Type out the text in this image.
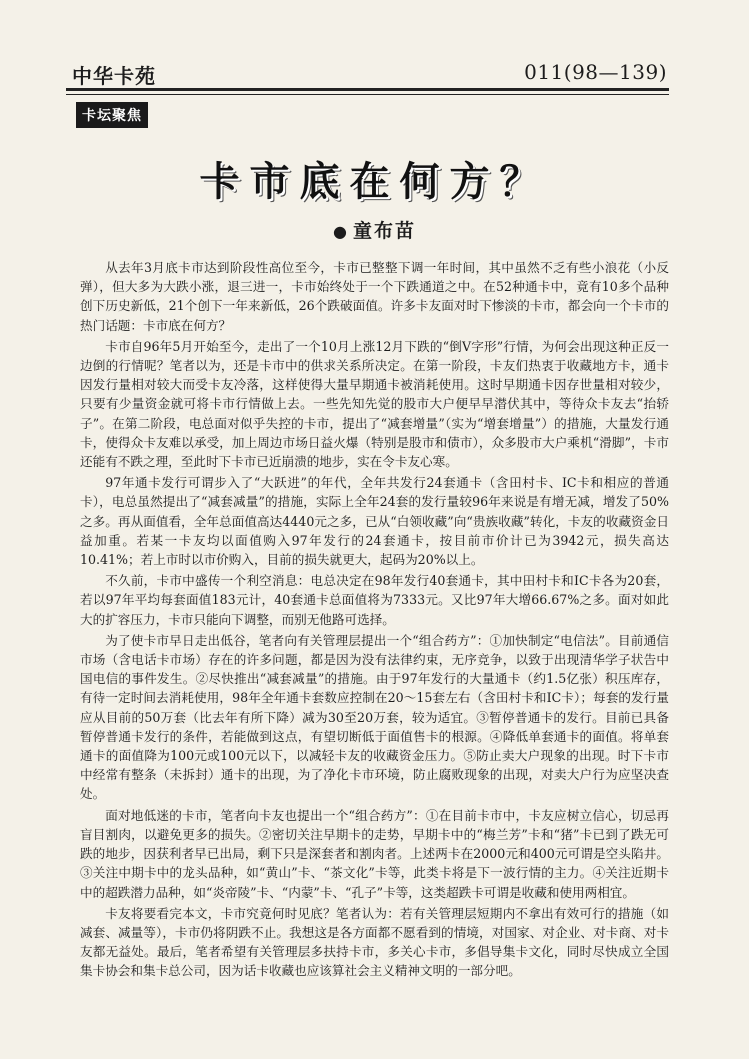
中华卡苑	011(98—139)
卡坛聚焦
卡市底在何方？
● 童布苗

从去年3月底卡市达到阶段性高位至今，卡市已整整下调一年时间，其中虽然不乏有些小浪花（小反弹），但大多为大跌小涨，退三进一，卡市始终处于一个下跌通道之中。在52种通卡中，竟有10多个品种创下历史新低，21个创下一年来新低，26个跌破面值。许多卡友面对时下惨淡的卡市，都会向一个卡市的热门话题：卡市底在何方？

卡市自96年5月开始至今，走出了一个10月上涨12月下跌的“倒Ⅴ字形”行情，为何会出现这种正反一边倒的行情呢？笔者以为，还是卡市中的供求关系所决定。在第一阶段，卡友们热衷于收藏地方卡，通卡因发行量相对较大而受卡友冷落，这样使得大量早期通卡被消耗使用。这时早期通卡因存世量相对较少，只要有少量资金就可将卡市行情做上去。一些先知先觉的股市大户便早早潜伏其中，等待众卡友去“抬轿子”。在第二阶段，电总面对似乎失控的卡市，提出了“减套增量”（实为“增套增量”）的措施，大量发行通卡，使得众卡友难以承受，加上周边市场日益火爆（特别是股市和债市），众多股市大户乘机“滑脚”，卡市还能有不跌之理，至此时下卡市已近崩溃的地步，实在令卡友心寒。

97年通卡发行可谓步入了“大跃进”的年代，全年共发行24套通卡（含田村卡、IC卡和相应的普通卡），电总虽然提出了“减套减量”的措施，实际上全年24套的发行量较96年来说是有增无减，增发了50%之多。再从面值看，全年总面值高达4440元之多，已从“白领收藏”向“贵族收藏”转化，卡友的收藏资金日益加重。若某一卡友均以面值购入97年发行的24套通卡，按目前市价计已为3942元，损失高达10.41%；若上市时以市价购入，目前的损失就更大，起码为20%以上。

不久前，卡市中盛传一个利空消息：电总决定在98年发行40套通卡，其中田村卡和IC卡各为20套，若以97年平均每套面值183元计，40套通卡总面值将为7333元。又比97年大增66.67%之多。面对如此大的扩容压力，卡市只能向下调整，而别无他路可选择。

为了使卡市早日走出低谷，笔者向有关管理层提出一个“组合药方”：①加快制定“电信法”。目前通信市场（含电话卡市场）存在的许多问题，都是因为没有法律约束，无序竞争，以致于出现清华学子状告中国电信的事件发生。②尽快推出“减套减量”的措施。由于97年发行的大量通卡（约1.5亿张）积压库存，有待一定时间去消耗使用，98年全年通卡套数应控制在20～15套左右（含田村卡和IC卡）；每套的发行量应从目前的50万套（比去年有所下降）减为30至20万套，较为适宜。③暂停普通卡的发行。目前已具备暂停普通卡发行的条件，若能做到这点，有望切断低于面值售卡的根源。④降低单套通卡的面值。将单套通卡的面值降为100元或100元以下，以减轻卡友的收藏资金压力。⑤防止卖大户现象的出现。时下卡市中经常有整条（未拆封）通卡的出现，为了净化卡市环境，防止腐败现象的出现，对卖大户行为应坚决查处。

面对地低迷的卡市，笔者向卡友也提出一个“组合药方”：①在目前卡市中，卡友应树立信心，切忌再盲目割肉，以避免更多的损失。②密切关注早期卡的走势，早期卡中的“梅兰芳”卡和“猪”卡已到了跌无可跌的地步，因获利者早已出局，剩下只是深套者和割肉者。上述两卡在2000元和400元可谓是空头陷井。③关注中期卡中的龙头品种，如“黄山”卡、“茶文化”卡等，此类卡将是下一波行情的主力。④关注近期卡中的超跌潜力品种，如“炎帝陵”卡、“内蒙”卡、“孔子”卡等，这类超跌卡可谓是收藏和使用两相宜。

卡友将要看完本文，卡市究竟何时见底？笔者认为：若有关管理层短期内不拿出有效可行的措施（如减套、减量等），卡市仍将阴跌不止。我想这是各方面都不愿看到的情境，对国家、对企业、对卡商、对卡友都无益处。最后，笔者希望有关管理层多扶持卡市，多关心卡市，多倡导集卡文化，同时尽快成立全国集卡协会和集卡总公司，因为话卡收藏也应该算社会主义精神文明的一部分吧。
